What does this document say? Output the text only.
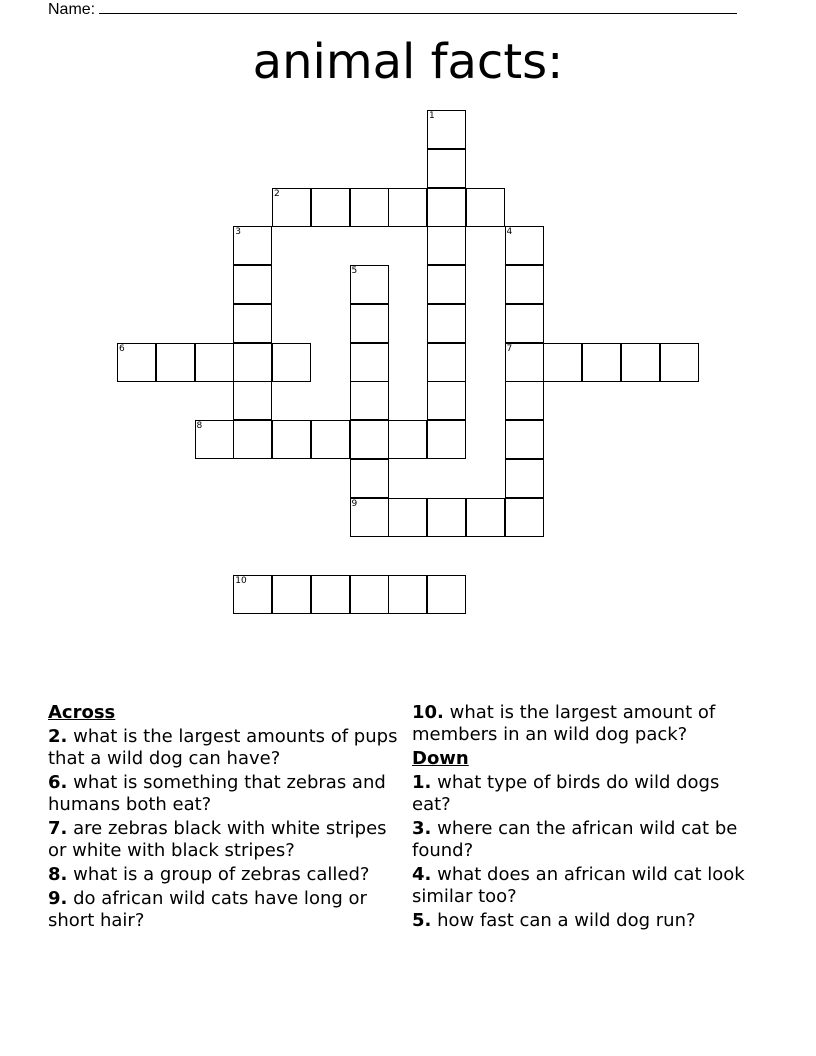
Name:
animal facts:
1
2
3	4
7
5
9
6
8
10
Across
2. what is the largest amounts of pups that a wild dog can have?
6. what is something that zebras and humans both eat?
7. are zebras black with white stripes or white with black stripes?
8. what is a group of zebras called?
9. do african wild cats have long or short hair?
10. what is the largest amount of members in an wild dog pack?
Down
1. what type of birds do wild dogs eat?
3. where can the african wild cat be found?
4. what does an african wild cat look similar too?
5. how fast can a wild dog run?
